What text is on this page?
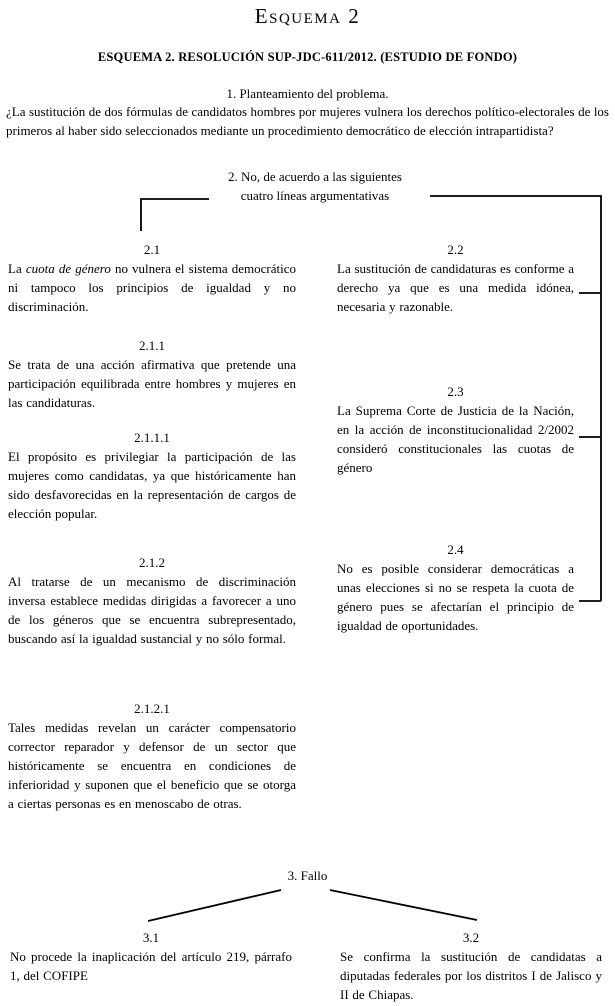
Esquema 2
ESQUEMA 2. RESOLUCIÓN SUP-JDC-611/2012. (ESTUDIO DE FONDO)
1. Planteamiento del problema.

¿La sustitución de dos fórmulas de candidatos hombres por mujeres vulnera los derechos político-electorales de los primeros al haber sido seleccionados mediante un procedimiento democrático de elección intrapartidista?

2. No, de acuerdo a las siguientes
cuatro líneas argumentativas
2.1

La cuota de género no vulnera el sistema democrático ni tampoco los principios de igualdad y no discriminación.

2.1.1

Se trata de una acción afirmativa que pretende una participación equilibrada entre hombres y mujeres en las candidaturas.

2.1.1.1

El propósito es privilegiar la participación de las mujeres como candidatas, ya que históricamente han sido desfavorecidas en la representación de cargos de elección popular.

2.1.2

Al tratarse de un mecanismo de discriminación inversa establece medidas dirigidas a favorecer a uno de los géneros que se encuentra subrepresentado, buscando así la igualdad sustancial y no sólo formal.

2.1.2.1

Tales medidas revelan un carácter compensatorio corrector reparador y defensor de un sector que históricamente se encuentra en condiciones de inferioridad y suponen que el beneficio que se otorga a ciertas personas es en menoscabo de otras.

2.2

La sustitución de candidaturas es conforme a derecho ya que es una medida idónea, necesaria y razonable.

2.3

La Suprema Corte de Justicia de la Nación, en la acción de inconstitucionalidad 2/2002 consideró constitucionales las cuotas de género

2.4

No es posible considerar democráticas a unas elecciones si no se respeta la cuota de género pues se afectarían el principio de igualdad de oportunidades.

3. Fallo
3.1

No procede la inaplicación del artículo 219, párrafo 1, del COFIPE

3.2

Se confirma la sustitución de candidatas a diputadas federales por los distritos I de Jalisco y II de Chiapas.
